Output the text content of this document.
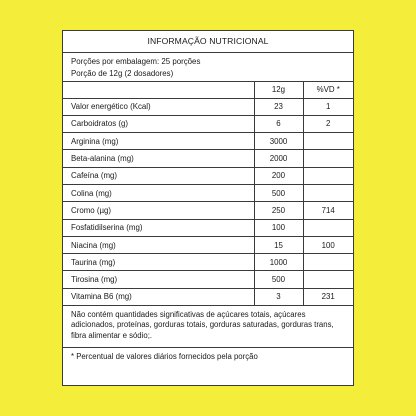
INFORMAÇÃO NUTRICIONAL
Porções por embalagem: 25 porções
Porção de 12g (2 dosadores)
	12g	%VD *
Valor energético (Kcal)	23	1
Carboidratos (g)	6	2
Arginina (mg)	3000	
Beta-alanina (mg)	2000	
Cafeína (mg)	200	
Colina (mg)	500	
Cromo (µg)	250	714
Fosfatidilserina (mg)	100	
Niacina (mg)	15	100
Taurina (mg)	1000	
Tirosina (mg)	500	
Vitamina B6 (mg)	3	231
Não contém quantidades significativas de açúcares totais, açúcares adicionados, proteínas, gorduras totais, gorduras saturadas, gorduras trans, fibra alimentar e sódio;.
* Percentual de valores diários fornecidos pela porção
